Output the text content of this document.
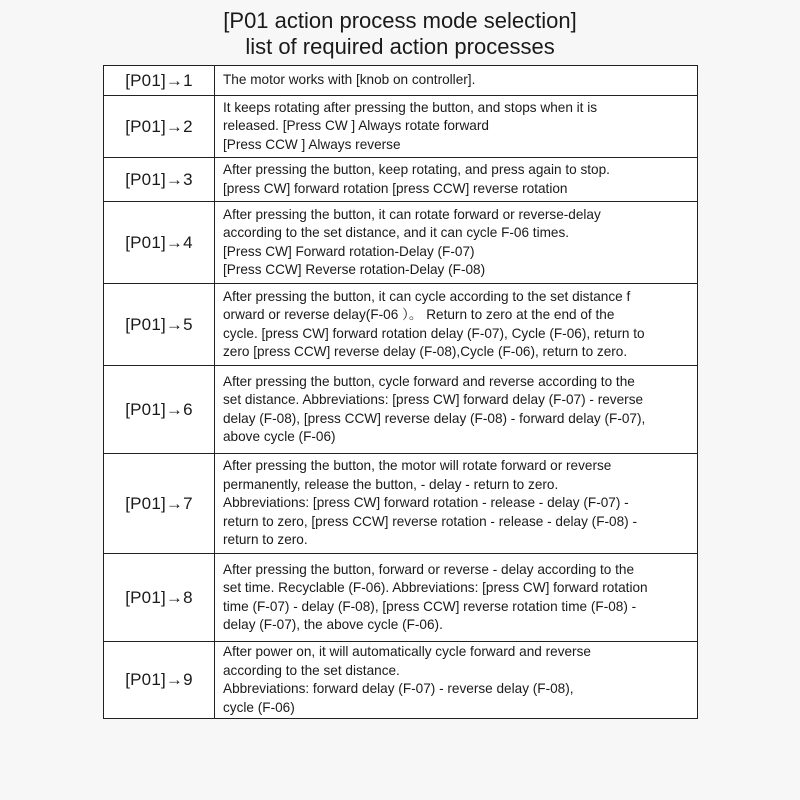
[P01 action process mode selection]
list of required action processes
[P01]→1	The motor works with [knob on controller].
[P01]→2
It keeps rotating after pressing the button, and stops when it is
released. [Press CW ] Always rotate forward
[Press CCW ] Always reverse
[P01]→3	After pressing the button, keep rotating, and press again to stop.
[press CW] forward rotation [press CCW] reverse rotation
[P01]→4
After pressing the button, it can rotate forward or reverse-delay
according to the set distance, and it can cycle F-06 times.
[Press CW] Forward rotation-Delay (F-07)
[Press CCW] Reverse rotation-Delay (F-08)
[P01]→5
After pressing the button, it can cycle according to the set distance f
orward or reverse delay(F-06 ）。 Return to zero at the end of the
cycle. [press CW] forward rotation delay (F-07), Cycle (F-06), return to
zero [press CCW] reverse delay (F-08),Cycle (F-06), return to zero.
[P01]→6
After pressing the button, cycle forward and reverse according to the
set distance. Abbreviations: [press CW] forward delay (F-07) - reverse
delay (F-08), [press CCW] reverse delay (F-08) - forward delay (F-07),
above cycle (F-06)
[P01]→7
After pressing the button, the motor will rotate forward or reverse
permanently, release the button, - delay - return to zero.
Abbreviations: [press CW] forward rotation - release - delay (F-07) -
return to zero, [press CCW] reverse rotation - release - delay (F-08) -
return to zero.
[P01]→8
After pressing the button, forward or reverse - delay according to the
set time. Recyclable (F-06). Abbreviations: [press CW] forward rotation
time (F-07) - delay (F-08), [press CCW] reverse rotation time (F-08) -
delay (F-07), the above cycle (F-06).
[P01]→9
After power on, it will automatically cycle forward and reverse
according to the set distance.
Abbreviations: forward delay (F-07) - reverse delay (F-08),
cycle (F-06)
